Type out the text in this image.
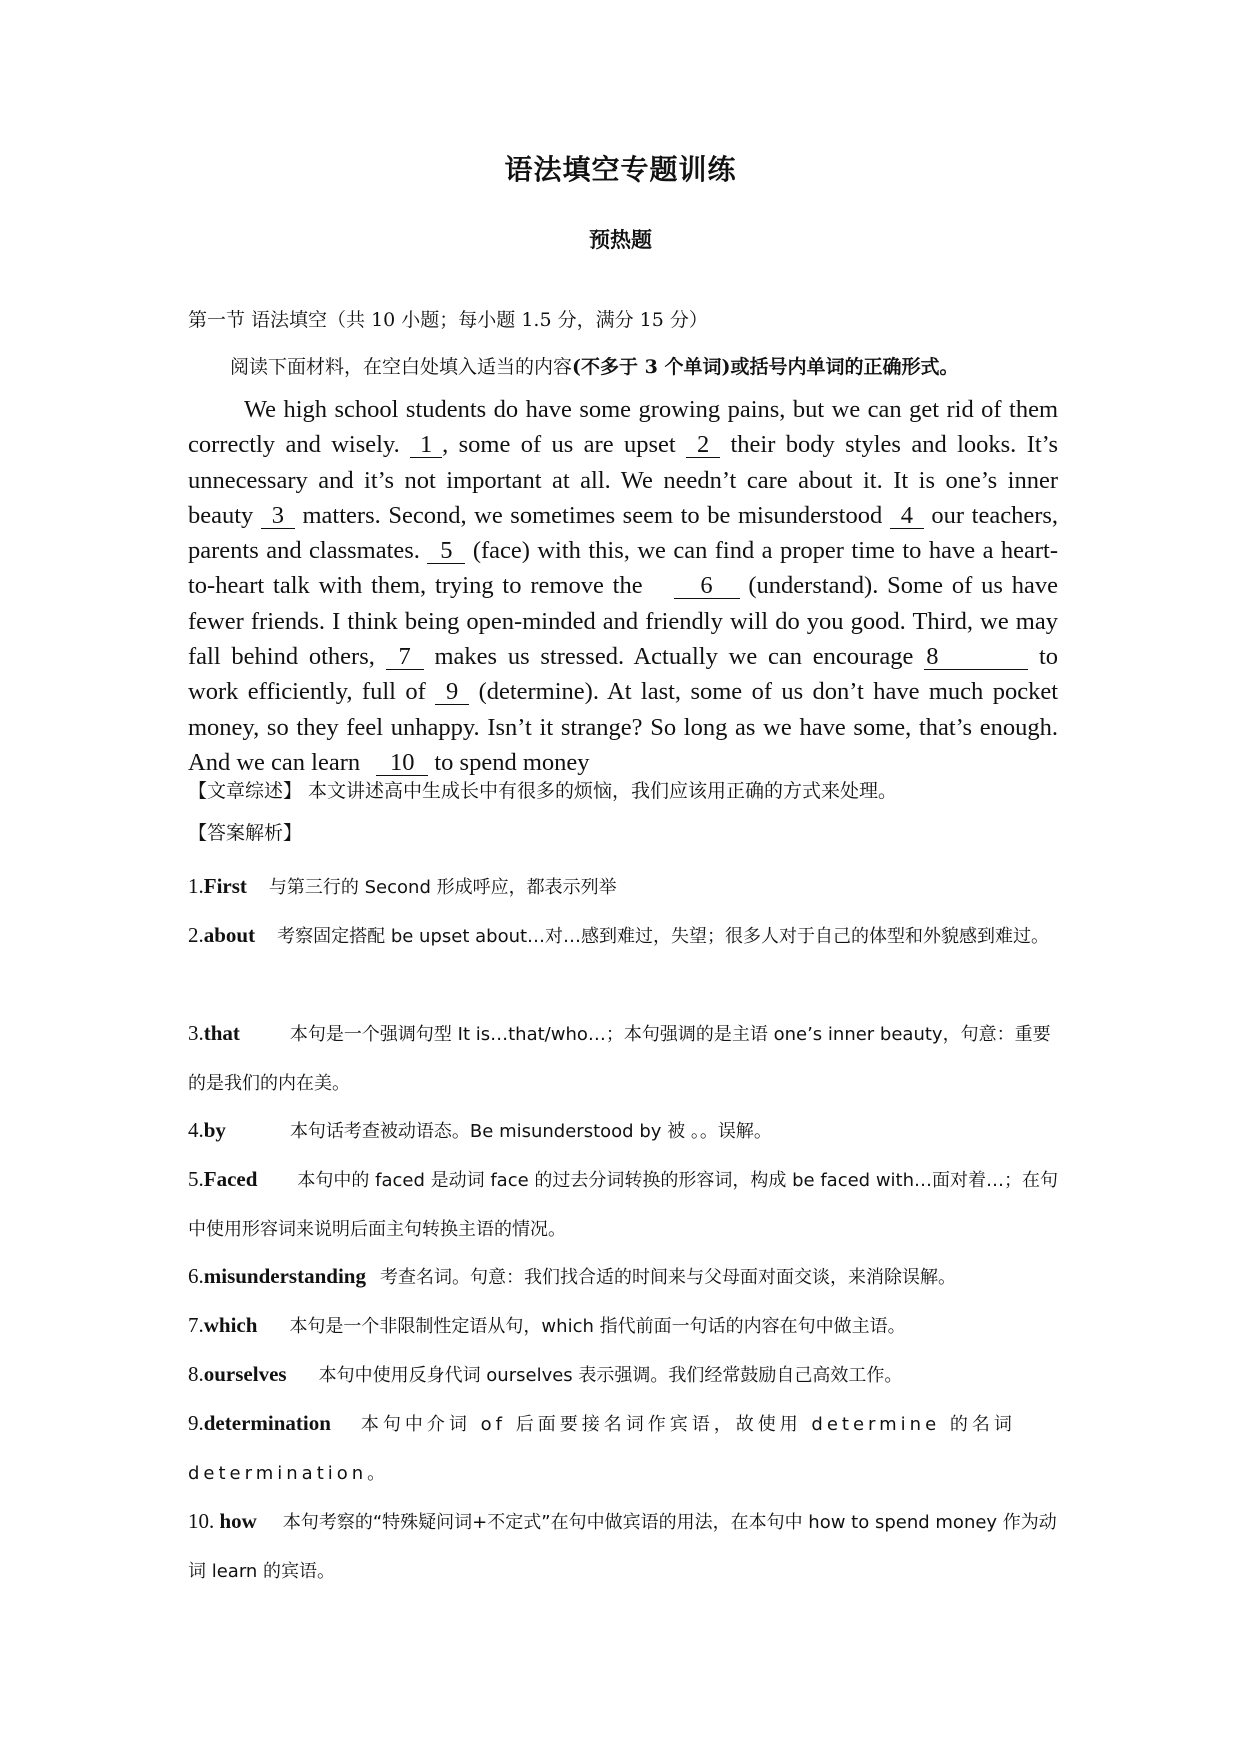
语法填空专题训练
预热题
第一节 语法填空（共 10 小题；每小题 1.5 分，满分 15 分）
阅读下面材料，在空白处填入适当的内容(不多于 3 个单词)或括号内单词的正确形式。
We high school students do have some growing pains, but we can get rid of them correctly and wisely. 1 , some of us are upset 2 their body styles and looks. It’s unnecessary and it’s not important at all. We needn’t care about it. It is one’s inner beauty 3 matters. Second, we sometimes seem to be misunderstood 4 our teachers, parents and classmates. 5 (face) with this, we can find a proper time to have a heart-to-heart talk with them, trying to remove the 6 (understand). Some of us have fewer friends. I think being open-minded and friendly will do you good. Third, we may fall behind others, 7 makes us stressed. Actually we can encourage 8	to work efficiently, full of 9 (determine). At last, some of us don’t have much pocket money, so they feel unhappy. Isn’t it strange? So long as we have some, that’s enough. And we can learn 10 to spend money
【文章综述】 本文讲述高中生成长中有很多的烦恼，我们应该用正确的方式来处理。
【答案解析】
1.First 与第三行的 Second 形成呼应，都表示列举
2.about 考察固定搭配 be upset about…对…感到难过，失望；很多人对于自己的体型和外貌感到难过。
3.that	本句是一个强调句型 It is…that/who…；本句强调的是主语 one’s inner beauty，句意：重要的是我们的内在美。
4.by	本句话考查被动语态。Be misunderstood by 被 。。误解。
5.Faced 本句中的 faced 是动词 face 的过去分词转换的形容词，构成 be faced with…面对着…；在句中使用形容词来说明后面主句转换主语的情况。
6.misunderstanding 考查名词。句意：我们找合适的时间来与父母面对面交谈，来消除误解。
7.which 本句是一个非限制性定语从句，which 指代前面一句话的内容在句中做主语。
8.ourselves 本句中使用反身代词 ourselves 表示强调。我们经常鼓励自己高效工作。
9.determination 本句中介词 of 后面要接名词作宾语，故使用 determine 的名词 determination。
10. how 本句考察的“特殊疑问词+不定式”在句中做宾语的用法，在本句中 how to spend money 作为动词 learn 的宾语。
